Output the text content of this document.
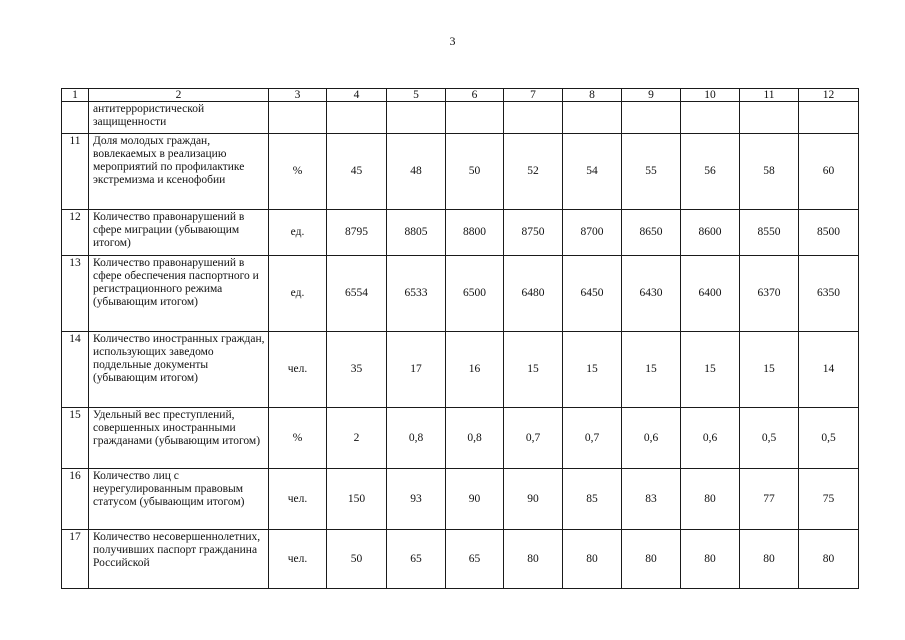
3
1	2	3	4	5	6	7	8	9	10	11	12
	антитеррористической защищенности										
11	Доля молодых граждан, вовлекаемых в реализацию мероприятий по профилактике экстремизма и ксенофобии	%	45	48	50	52	54	55	56	58	60
12	Количество правонарушений в сфере миграции (убывающим итогом)	ед.	8795	8805	8800	8750	8700	8650	8600	8550	8500
13	Количество правонарушений в сфере обеспечения паспортного и регистрационного режима (убывающим итогом)	ед.	6554	6533	6500	6480	6450	6430	6400	6370	6350
14	Количество иностранных граждан, использующих заведомо поддельные документы (убывающим итогом)	чел.	35	17	16	15	15	15	15	15	14
15	Удельный вес преступлений, совершенных иностранными гражданами (убывающим итогом)	%	2	0,8	0,8	0,7	0,7	0,6	0,6	0,5	0,5
16	Количество лиц с неурегулированным правовым статусом (убывающим итогом)	чел.	150	93	90	90	85	83	80	77	75
17	Количество несовершеннолетних, получивших паспорт гражданина Российской	чел.	50	65	65	80	80	80	80	80	80
